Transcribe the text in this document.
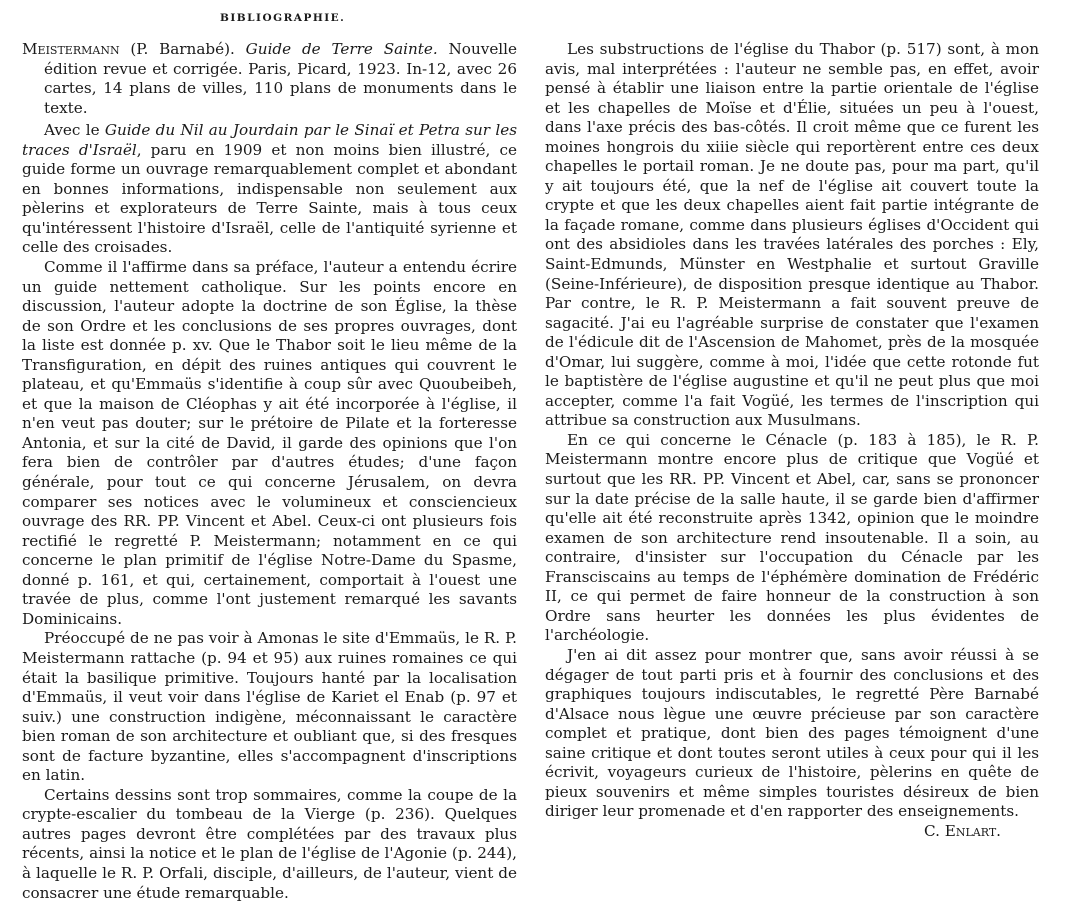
BIBLIOGRAPHIE.

Meistermann (P. Barnabé). Guide de Terre Sainte. Nouvelle édition revue et corrigée. Paris, Picard, 1923. In-12, avec 26 cartes, 14 plans de villes, 110 plans de monuments dans le texte.

Avec le Guide du Nil au Jourdain par le Sinaï et Petra sur les traces d'Israël, paru en 1909 et non moins bien illustré, ce guide forme un ouvrage remarquablement complet et abondant en bonnes informations, indispensable non seulement aux pèlerins et explorateurs de Terre Sainte, mais à tous ceux qu'intéressent l'histoire d'Israël, celle de l'antiquité syrienne et celle des croisades.

Comme il l'affirme dans sa préface, l'auteur a entendu écrire un guide nettement catholique. Sur les points encore en discussion, l'auteur adopte la doctrine de son Église, la thèse de son Ordre et les conclusions de ses propres ouvrages, dont la liste est donnée p. xv. Que le Thabor soit le lieu même de la Transfiguration, en dépit des ruines antiques qui couvrent le plateau, et qu'Emmaüs s'identifie à coup sûr avec Quoubeibeh, et que la maison de Cléophas y ait été incorporée à l'église, il n'en veut pas douter; sur le prétoire de Pilate et la forteresse Antonia, et sur la cité de David, il garde des opinions que l'on fera bien de contrôler par d'autres études; d'une façon générale, pour tout ce qui concerne Jérusalem, on devra comparer ses notices avec le volumineux et consciencieux ouvrage des RR. PP. Vincent et Abel. Ceux-ci ont plusieurs fois rectifié le regretté P. Meistermann; notamment en ce qui concerne le plan primitif de l'église Notre-Dame du Spasme, donné p. 161, et qui, certainement, comportait à l'ouest une travée de plus, comme l'ont justement remarqué les savants Dominicains.

Préoccupé de ne pas voir à Amonas le site d'Emmaüs, le R. P. Meistermann rattache (p. 94 et 95) aux ruines romaines ce qui était la basilique primitive. Toujours hanté par la localisation d'Emmaüs, il veut voir dans l'église de Kariet el Enab (p. 97 et suiv.) une construction indigène, méconnaissant le caractère bien roman de son architecture et oubliant que, si des fresques sont de facture byzantine, elles s'accompagnent d'inscriptions en latin.

Certains dessins sont trop sommaires, comme la coupe de la crypte-escalier du tombeau de la Vierge (p. 236). Quelques autres pages devront être complétées par des travaux plus récents, ainsi la notice et le plan de l'église de l'Agonie (p. 244), à laquelle le R. P. Orfali, disciple, d'ailleurs, de l'auteur, vient de consacrer une étude remarquable.

Les substructions de l'église du Thabor (p. 517) sont, à mon avis, mal interprétées : l'auteur ne semble pas, en effet, avoir pensé à établir une liaison entre la partie orientale de l'église et les chapelles de Moïse et d'Élie, situées un peu à l'ouest, dans l'axe précis des bas-côtés. Il croit même que ce furent les moines hongrois du xiiie siècle qui reportèrent entre ces deux chapelles le portail roman. Je ne doute pas, pour ma part, qu'il y ait toujours été, que la nef de l'église ait couvert toute la crypte et que les deux chapelles aient fait partie intégrante de la façade romane, comme dans plusieurs églises d'Occident qui ont des absidioles dans les travées latérales des porches : Ely, Saint-Edmunds, Münster en Westphalie et surtout Graville (Seine-Inférieure), de disposition presque identique au Thabor. Par contre, le R. P. Meistermann a fait souvent preuve de sagacité. J'ai eu l'agréable surprise de constater que l'examen de l'édicule dit de l'Ascension de Mahomet, près de la mosquée d'Omar, lui suggère, comme à moi, l'idée que cette rotonde fut le baptistère de l'église augustine et qu'il ne peut plus que moi accepter, comme l'a fait Vogüé, les termes de l'inscription qui attribue sa construction aux Musulmans.

En ce qui concerne le Cénacle (p. 183 à 185), le R. P. Meistermann montre encore plus de critique que Vogüé et surtout que les RR. PP. Vincent et Abel, car, sans se prononcer sur la date précise de la salle haute, il se garde bien d'affirmer qu'elle ait été reconstruite après 1342, opinion que le moindre examen de son architecture rend insoutenable. Il a soin, au contraire, d'insister sur l'occupation du Cénacle par les Fransciscains au temps de l'éphémère domination de Frédéric II, ce qui permet de faire honneur de la construction à son Ordre sans heurter les données les plus évidentes de l'archéologie.

J'en ai dit assez pour montrer que, sans avoir réussi à se dégager de tout parti pris et à fournir des conclusions et des graphiques toujours indiscutables, le regretté Père Barnabé d'Alsace nous lègue une œuvre précieuse par son caractère complet et pratique, dont bien des pages témoignent d'une saine critique et dont toutes seront utiles à ceux pour qui il les écrivit, voyageurs curieux de l'histoire, pèlerins en quête de pieux souvenirs et même simples touristes désireux de bien diriger leur promenade et d'en rapporter des enseignements.

C. Enlart.
